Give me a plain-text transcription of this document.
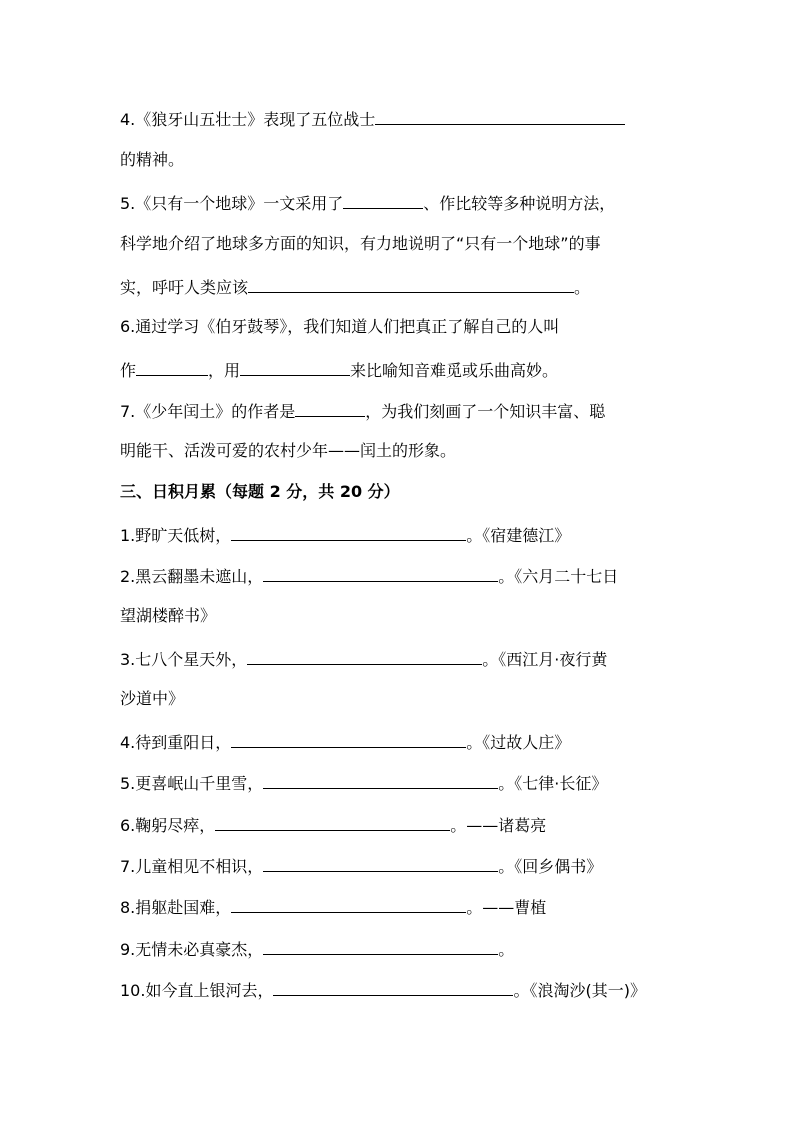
4.《狼牙山五壮士》表现了五位战士
的精神。
5.《只有一个地球》一文采用了	、作比较等多种说明方法，
科学地介绍了地球多方面的知识，有力地说明了“只有一个地球”的事
实，呼吁人类应该	。
6.通过学习《伯牙鼓琴》，我们知道人们把真正了解自己的人叫
作	，用	来比喻知音难觅或乐曲高妙。
7.《少年闰土》的作者是	，为我们刻画了一个知识丰富、聪
明能干、活泼可爱的农村少年——闰土的形象。
三、日积月累（每题 2 分，共 20 分）
1.野旷天低树，	。《宿建德江》
2.黑云翻墨未遮山，	。《六月二十七日
望湖楼醉书》
3.七八个星天外，	。《西江月·夜行黄
沙道中》
4.待到重阳日，	。《过故人庄》
5.更喜岷山千里雪，	。《七律·长征》
6.鞠躬尽瘁，	。——诸葛亮
7.儿童相见不相识，	。《回乡偶书》
8.捐躯赴国难，	。——曹植
9.无情未必真豪杰，	。
10.如今直上银河去，	。《浪淘沙(其一)》
